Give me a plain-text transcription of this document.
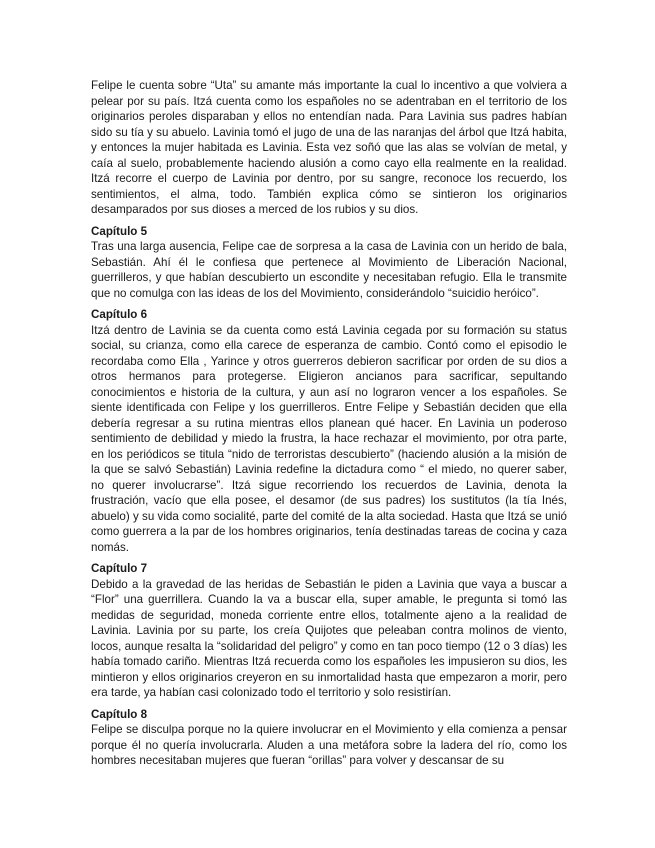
Felipe le cuenta sobre “Uta” su amante más importante la cual lo incentivo a que volviera a pelear por su país. Itzá cuenta como los españoles no se adentraban en el territorio de los originarios peroles disparaban y ellos no entendían nada. Para Lavinia sus padres habían sido su tía y su abuelo. Lavinia tomó el jugo de una de las naranjas del árbol que Itzá habita, y entonces la mujer habitada es Lavinia. Esta vez soñó que las alas se volvían de metal, y caía al suelo, probablemente haciendo alusión a como cayo ella realmente en la realidad. Itzá recorre el cuerpo de Lavinia por dentro, por su sangre, reconoce los recuerdo, los sentimientos, el alma, todo. También explica cómo se sintieron los originarios desamparados por sus dioses a merced de los rubios y su dios.

Capítulo 5

Tras una larga ausencia, Felipe cae de sorpresa a la casa de Lavinia con un herido de bala, Sebastián. Ahí él le confiesa que pertenece al Movimiento de Liberación Nacional, guerrilleros, y que habían descubierto un escondite y necesitaban refugio. Ella le transmite que no comulga con las ideas de los del Movimiento, considerándolo “suicidio heróico”.

Capítulo 6

Itzá dentro de Lavinia se da cuenta como está Lavinia cegada por su formación su status social, su crianza, como ella carece de esperanza de cambio. Contó como el episodio le recordaba como Ella , Yarince y otros guerreros debieron sacrificar por orden de su dios a otros hermanos para protegerse. Eligieron ancianos para sacrificar, sepultando conocimientos e historia de la cultura, y aun así no lograron vencer a los españoles. Se siente identificada con Felipe y los guerrilleros. Entre Felipe y Sebastián deciden que ella debería regresar a su rutina mientras ellos planean qué hacer. En Lavinia un poderoso sentimiento de debilidad y miedo la frustra, la hace rechazar el movimiento, por otra parte, en los periódicos se titula “nido de terroristas descubierto” (haciendo alusión a la misión de la que se salvó Sebastián) Lavinia redefine la dictadura como “ el miedo, no querer saber, no querer involucrarse”. Itzá sigue recorriendo los recuerdos de Lavinia, denota la frustración, vacío que ella posee, el desamor (de sus padres) los sustitutos (la tía Inés, abuelo) y su vida como socialité, parte del comité de la alta sociedad. Hasta que Itzá se unió como guerrera a la par de los hombres originarios, tenía destinadas tareas de cocina y caza nomás.

Capítulo 7

Debido a la gravedad de las heridas de Sebastián le piden a Lavinia que vaya a buscar a “Flor” una guerrillera. Cuando la va a buscar ella, super amable, le pregunta si tomó las medidas de seguridad, moneda corriente entre ellos, totalmente ajeno a la realidad de Lavinia. Lavinia por su parte, los creía Quijotes que peleaban contra molinos de viento, locos, aunque resalta la “solidaridad del peligro” y como en tan poco tiempo (12 o 3 días) les había tomado cariño. Mientras Itzá recuerda como los españoles les impusieron su dios, les mintieron y ellos originarios creyeron en su inmortalidad hasta que empezaron a morir, pero era tarde, ya habían casi colonizado todo el territorio y solo resistirían.

Capítulo 8

Felipe se disculpa porque no la quiere involucrar en el Movimiento y ella comienza a pensar porque él no quería involucrarla. Aluden a una metáfora sobre la ladera del río, como los hombres necesitaban mujeres que fueran “orillas” para volver y descansar de su
